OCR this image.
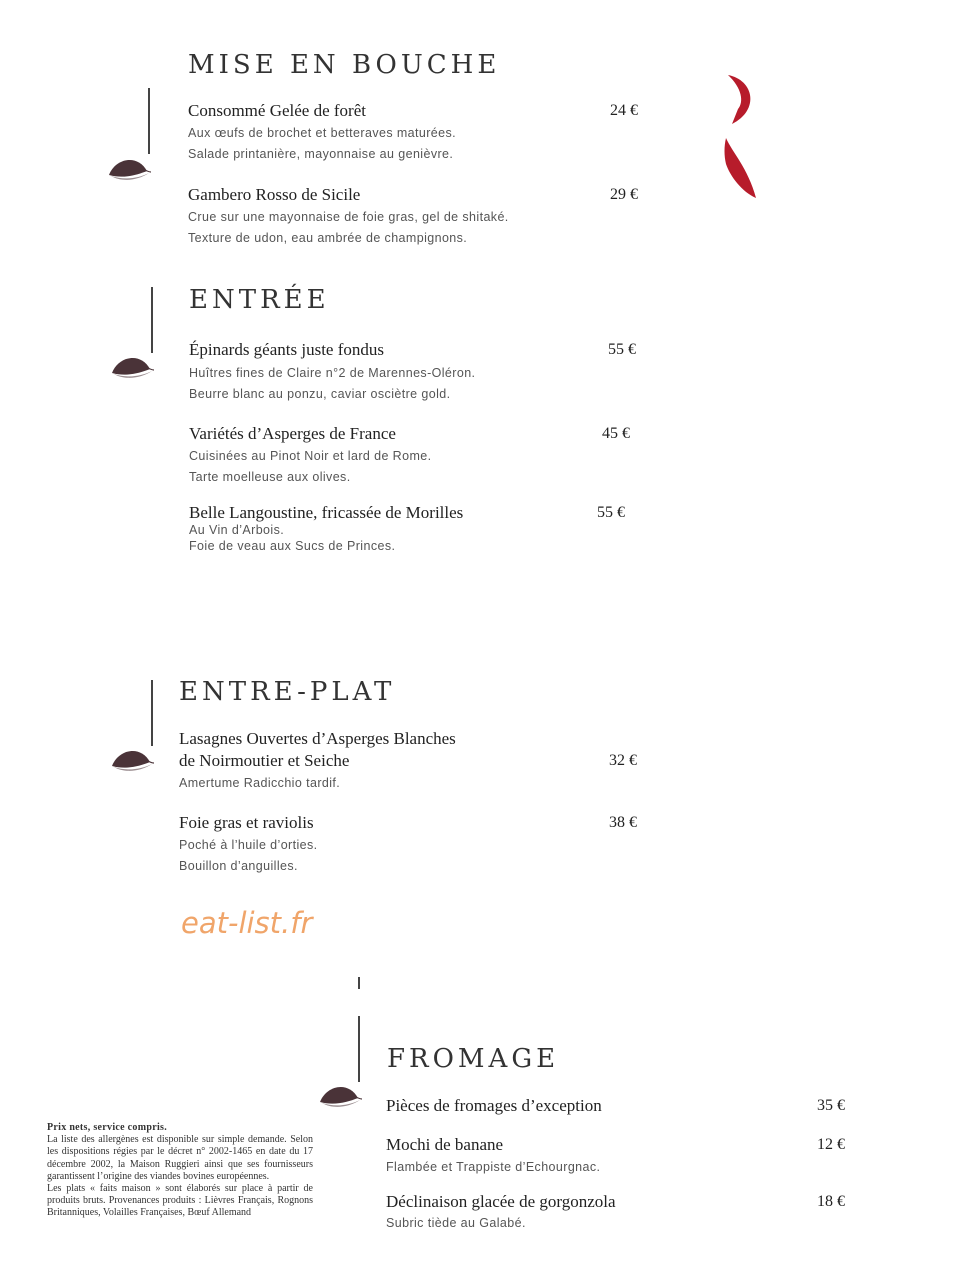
MISE EN BOUCHE
Consommé Gelée de forêt	24 €
Aux œufs de brochet et betteraves maturées.
Salade printanière, mayonnaise au genièvre.
Gambero Rosso de Sicile	29 €
Crue sur une mayonnaise de foie gras, gel de shitaké.
Texture de udon, eau ambrée de champignons.
ENTRÉE
Épinards géants juste fondus	55 €
Huîtres fines de Claire n°2 de Marennes-Oléron.
Beurre blanc au ponzu, caviar osciètre gold.
Variétés d’Asperges de France	45 €
Cuisinées au Pinot Noir et lard de Rome.
Tarte moelleuse aux olives.
Belle Langoustine, fricassée de Morilles	55 €
Au Vin d’Arbois.
Foie de veau aux Sucs de Princes.
ENTRE-PLAT
Lasagnes Ouvertes d’Asperges Blanches
de Noirmoutier et Seiche	32 €
Amertume Radicchio tardif.
Foie gras et raviolis	38 €
Poché à l’huile d’orties.
Bouillon d’anguilles.
eat-list.fr
FROMAGE
Pièces de fromages d’exception	35 €
Mochi de banane	12 €
Flambée et Trappiste d’Echourgnac.
Déclinaison glacée de gorgonzola	18 €
Subric tiède au Galabé.

Prix nets, service compris.

La liste des allergènes est disponible sur simple demande. Selon les dispositions régies par le décret n° 2002-1465 en date du 17 décembre 2002, la Maison Ruggieri ainsi que ses fournisseurs garantissent l’origine des viandes bovines européennes.

Les plats « faits maison » sont élaborés sur place à partir de produits bruts. Provenances produits : Lièvres Français, Rognons Britanniques, Volailles Françaises, Bœuf Allemand
